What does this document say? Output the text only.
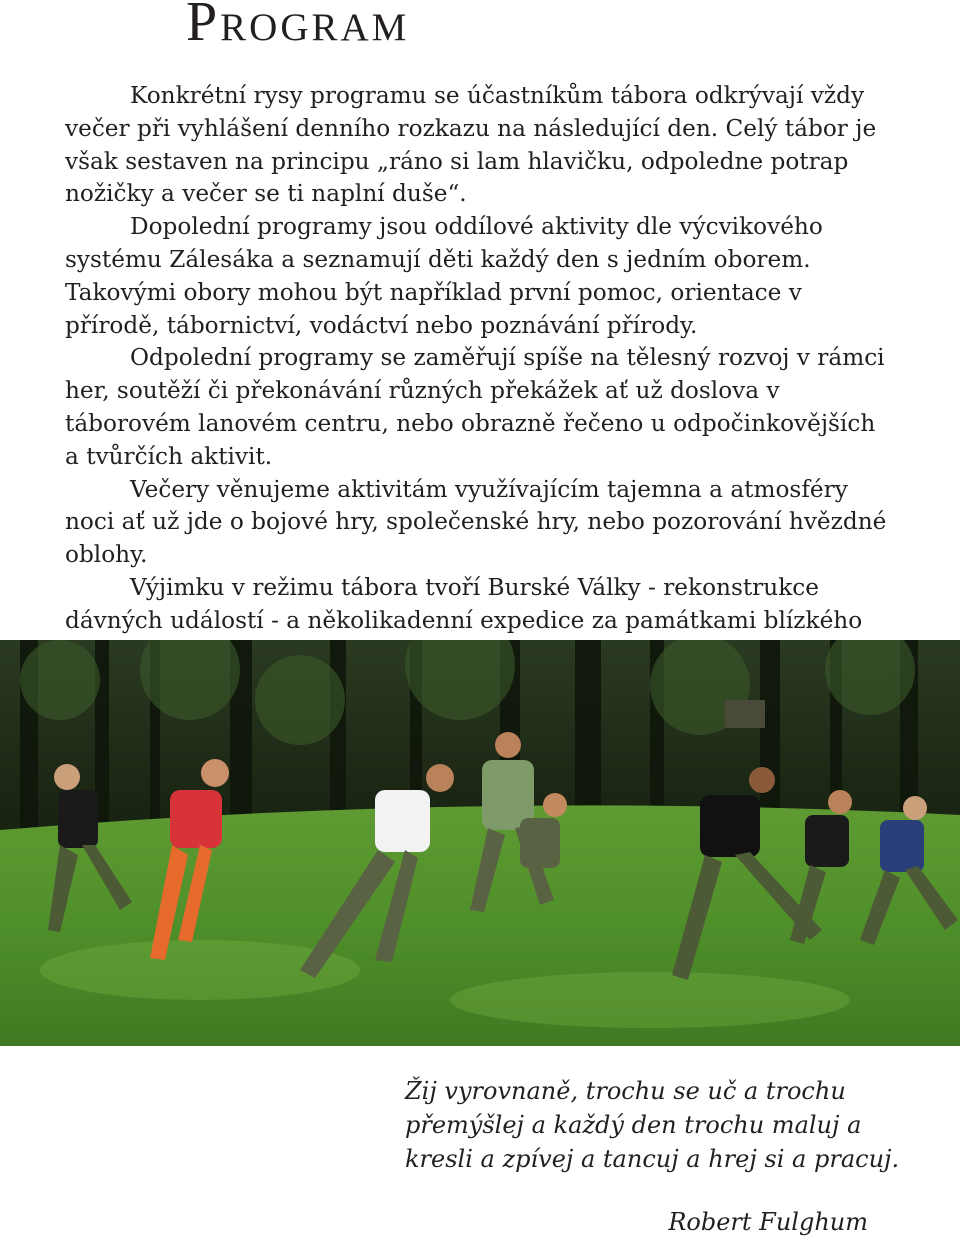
Program

Konkrétní rysy programu se účastníkům tábora odkrývají vždy večer při vyhlášení denního rozkazu na následující den. Celý tábor je však sestaven na principu „ráno si lam hlavičku, odpoledne potrap nožičky a večer se ti naplní duše“.

Dopolední programy jsou oddílové aktivity dle výcvikového systému Zálesáka a seznamují děti každý den s jedním oborem. Takovými obory mohou být například první pomoc, orientace v přírodě, tábornictví, vodáctví nebo poznávání přírody.

Odpolední programy se zaměřují spíše na tělesný rozvoj v rámci her, soutěží či překonávání různých překážek ať už doslova v táborovém lanovém centru, nebo obrazně řečeno u odpočinkovějších a tvůrčích aktivit.

Večery věnujeme aktivitám využívajícím tajemna a atmosféry noci ať už jde o bojové hry, společenské hry, nebo pozorování hvězdné oblohy.

Výjimku v režimu tábora tvoří Burské Války - rekonstrukce dávných událostí - a několikadenní expedice za památkami blízkého

Žij vyrovnaně, trochu se uč a trochu
přemýšlej a každý den trochu maluj a
kresli a zpívej a tancuj a hrej si a pracuj.
Robert Fulghum
